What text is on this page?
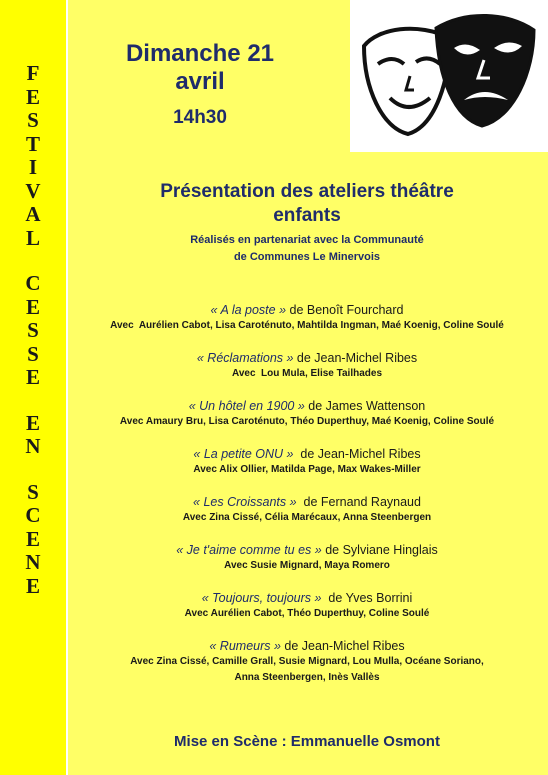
F
E
S
T
I
V
A
L
C
E
S
S
E
E
N
S
C
E
N
E
Dimanche 21
avril
14h30
Présentation des ateliers théâtre
enfants
Réalisés en partenariat avec la Communauté
de Communes Le Minervois
« A la poste » de Benoît Fourchard
Avec  Aurélien Cabot, Lisa Caroténuto, Mahtilda Ingman, Maé Koenig, Coline Soulé
« Réclamations » de Jean-Michel Ribes
Avec  Lou Mula, Elise Tailhades
« Un hôtel en 1900 » de James Wattenson
Avec Amaury Bru, Lisa Caroténuto, Théo Duperthuy, Maé Koenig, Coline Soulé
« La petite ONU »  de Jean-Michel Ribes
Avec Alix Ollier, Matilda Page, Max Wakes-Miller
« Les Croissants »  de Fernand Raynaud
Avec Zina Cissé, Célia Marécaux, Anna Steenbergen
« Je t'aime comme tu es » de Sylviane Hinglais
Avec Susie Mignard, Maya Romero
« Toujours, toujours »  de Yves Borrini
Avec Aurélien Cabot, Théo Duperthuy, Coline Soulé
« Rumeurs » de Jean-Michel Ribes
Avec Zina Cissé, Camille Grall, Susie Mignard, Lou Mulla, Océane Soriano,
Anna Steenbergen, Inès Vallès
Mise en Scène : Emmanuelle Osmont
